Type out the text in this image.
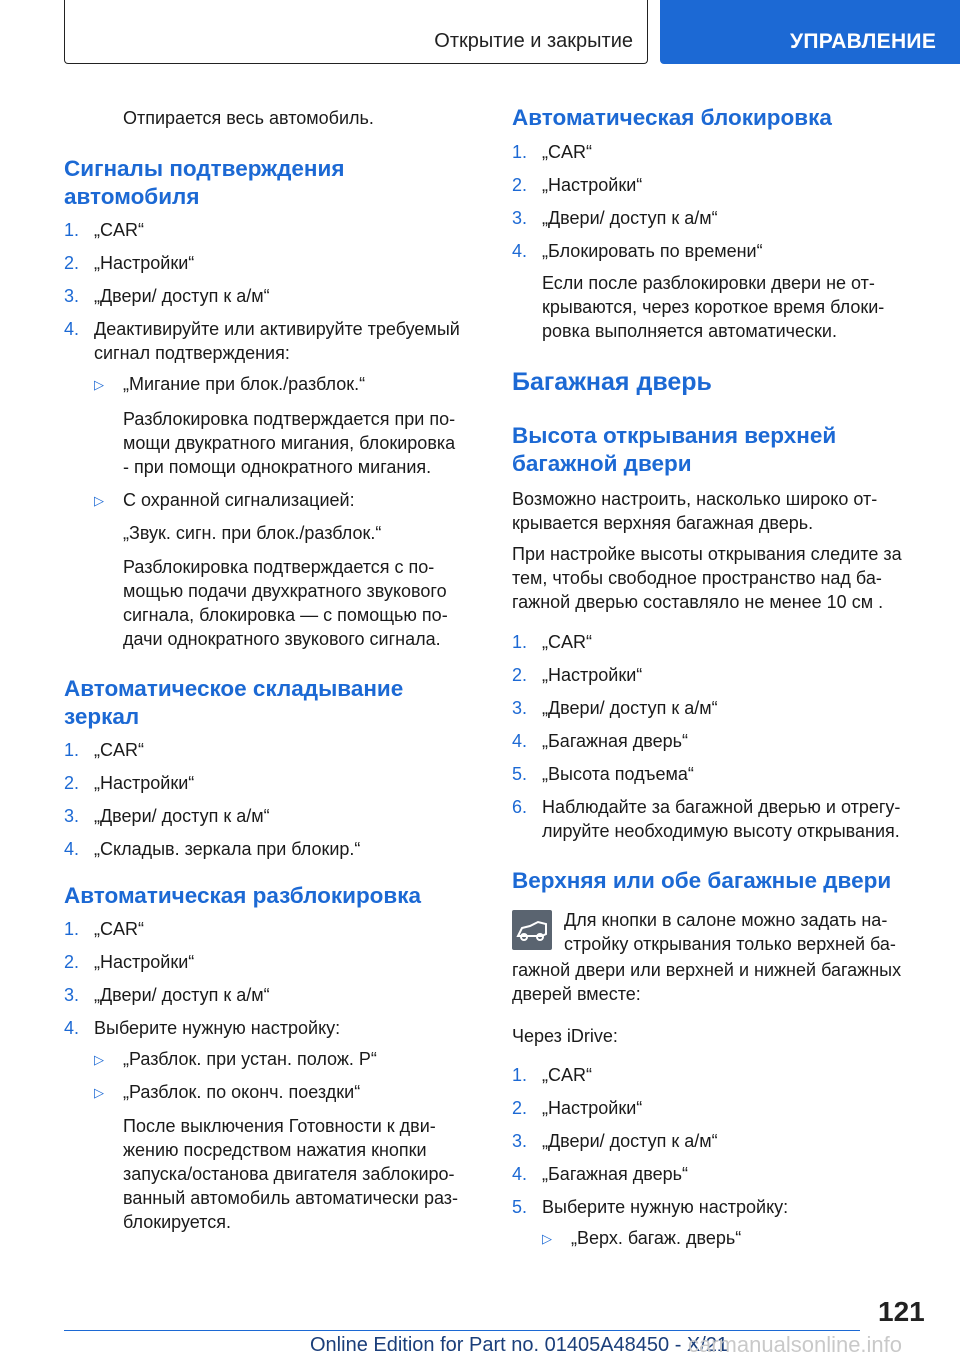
Открытие и закрытие	УПРАВЛЕНИЕ
Отпирается весь автомобиль.
Сигналы подтверждения
автомобиля
1. „CAR“
2. „Настройки“
3. „Двери/ доступ к а/м“
4. Деактивируйте или активируйте требуемый
сигнал подтверждения:
▷ „Мигание при блок./разблок.“
Разблокировка подтверждается при по-
мощи двукратного мигания, блокировка
- при помощи однократного мигания.
▷ С охранной сигнализацией:
„Звук. сигн. при блок./разблок.“
Разблокировка подтверждается с по-
мощью подачи двухкратного звукового
сигнала, блокировка — с помощью по-
дачи однократного звукового сигнала.
Автоматическое складывание
зеркал
1. „CAR“
2. „Настройки“
3. „Двери/ доступ к а/м“
4. „Складыв. зеркала при блокир.“
Автоматическая разблокировка
1. „CAR“
2. „Настройки“
3. „Двери/ доступ к а/м“
4. Выберите нужную настройку:
▷ „Разблок. при устан. полож. P“
▷ „Разблок. по оконч. поездки“
После выключения Готовности к дви-
жению посредством нажатия кнопки
запуска/останова двигателя заблокиро-
ванный автомобиль автоматически раз-
блокируется.
Автоматическая блокировка
1. „CAR“
2. „Настройки“
3. „Двери/ доступ к а/м“
4. „Блокировать по времени“
Если после разблокировки двери не от-
крываются, через короткое время блоки-
ровка выполняется автоматически.
Багажная дверь
Высота открывания верхней
багажной двери
Возможно настроить, насколько широко от-
крывается верхняя багажная дверь.
При настройке высоты открывания следите за
тем, чтобы свободное пространство над ба-
гажной дверью составляло не менее 10 см .
1. „CAR“
2. „Настройки“
3. „Двери/ доступ к а/м“
4. „Багажная дверь“
5. „Высота подъема“
6. Наблюдайте за багажной дверью и отрегу-
лируйте необходимую высоту открывания.
Верхняя или обе багажные двери
Для кнопки в салоне можно задать на-
стройку открывания только верхней ба-
гажной двери или верхней и нижней багажных
дверей вместе:
Через iDrive:
1. „CAR“
2. „Настройки“
3. „Двери/ доступ к а/м“
4. „Багажная дверь“
5. Выберите нужную настройку:
▷ „Верх. багаж. дверь“
121
Online Edition for Part no. 01405A48450 - X/21
carmanualsonline.info
